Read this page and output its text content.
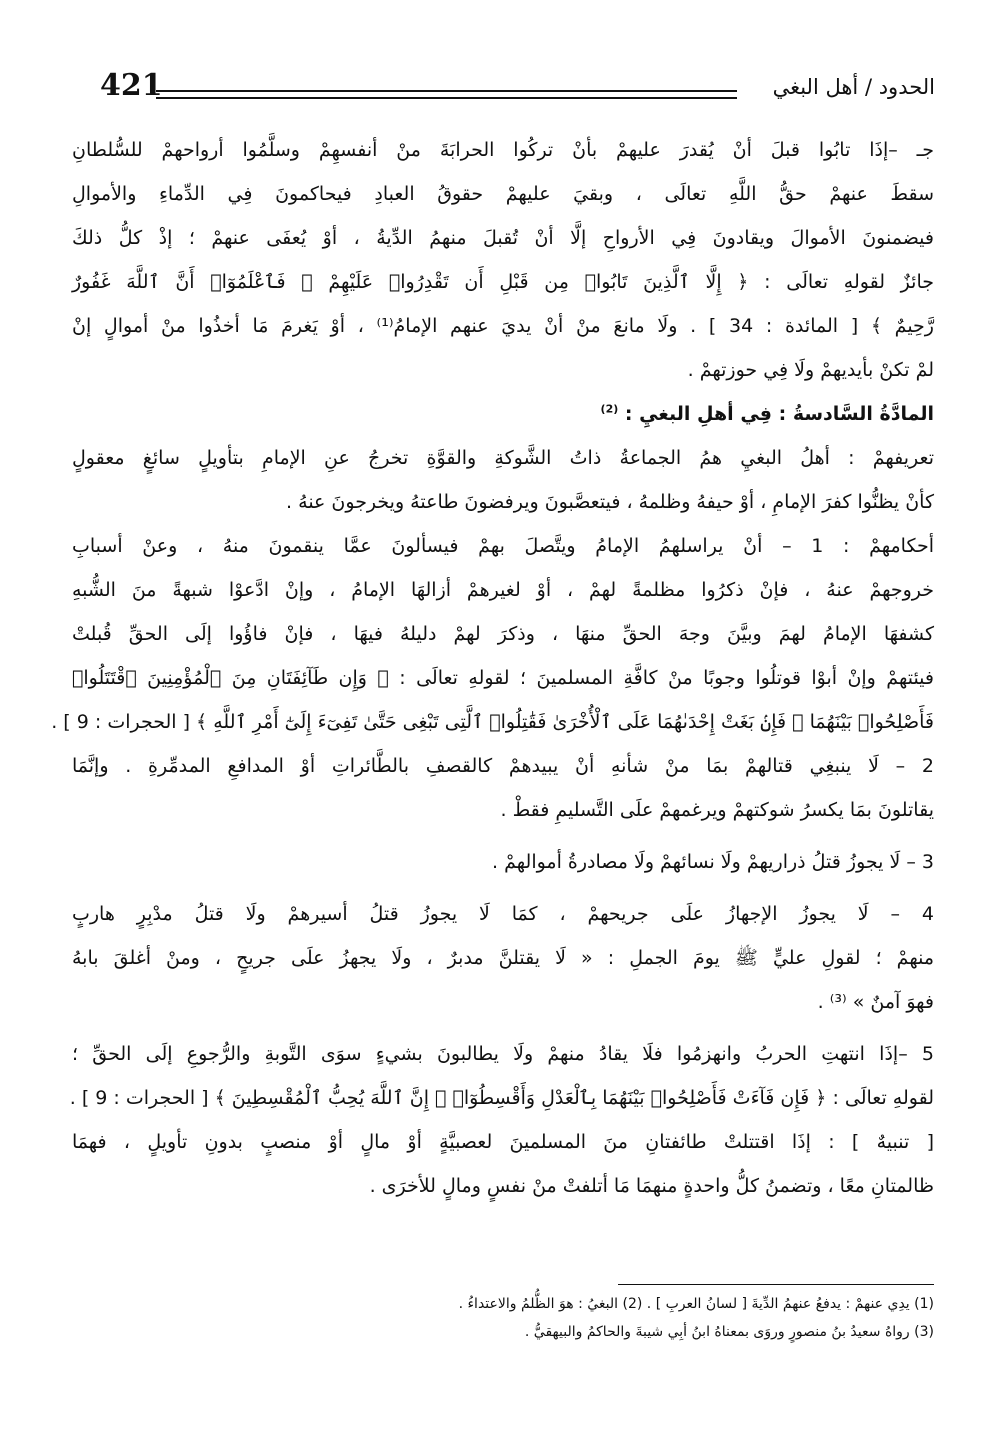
421	الحدود / أهل البغي
جـ –إذَا تابُوا قبلَ أنْ يُقدرَ عليهمْ بأنْ تركُوا الحرابَةَ منْ أنفسهِمْ وسلَّمُوا أرواحهمْ للسُّلطانِ
سقطَ عنهمْ حقُّ اللَّهِ تعالَى ، وبقيَ عليهمْ حقوقُ العبادِ فيحاكمونَ فِي الدِّماءِ والأموالِ
فيضمنونَ الأموالَ ويقادونَ فِي الأرواحِ إلَّا أنْ تُقبلَ منهمُ الدِّيةُ ، أوْ يُعفَى عنهمْ ؛ إذْ كلُّ ذلكَ
جائزٌ لقولهِ تعالَى : ﴿ إِلَّا ٱلَّذِينَ تَابُوا۟ مِن قَبْلِ أَن تَقْدِرُوا۟ عَلَيْهِمْ ۖ فَٱعْلَمُوٓا۟ أَنَّ ٱللَّهَ غَفُورٌ
رَّحِيمٌ ﴾ [ المائدة : 34 ] . ولَا مانعَ منْ أنْ يديَ عنهم الإمامُ⁽¹⁾ ، أوْ يَغرمَ مَا أخذُوا منْ أموالٍ إنْ
لمْ تكنْ بأيديهمْ ولَا فِي حوزتهمْ .
المادَّةُ السَّادسةُ : فِي أهلِ البغيِ : $^{(2)}$
تعريفهمْ : أهلُ البغيِ همُ الجماعةُ ذاتُ الشَّوكةِ والقوَّةِ تخرجُ عنِ الإمامِ بتأويلٍ سائغٍ معقولٍ
كأنْ يظنُّوا كفرَ الإمامِ ، أوْ حيفهُ وظلمهُ ، فيتعصَّبونَ ويرفضونَ طاعتهُ ويخرجونَ عنهُ .
أحكامهمْ : 1 – أنْ يراسلهمُ الإمامُ ويتَّصلَ بهمْ فيسألونَ عمَّا ينقمونَ منهُ ، وعنْ أسبابِ
خروجهمْ عنهُ ، فإنْ ذكرُوا مظلمةً لهمْ ، أوْ لغيرهمْ أزالهَا الإمامُ ، وإنْ ادَّعوْا شبهةً منَ الشُّبهِ
كشفهَا الإمامُ لهمَ وبيَّنَ وجهَ الحقِّ منهَا ، وذكرَ لهمْ دليلهُ فيهَا ، فإنْ فاؤُوا إلَى الحقِّ قُبلتْ
فيئتهمْ وإنْ أبوْا قوتلُوا وجوبًا منْ كافَّةِ المسلمينَ ؛ لقولهِ تعالَى : ﴿ وَإِن طَآئِفَتَانِ مِنَ ٱلْمُؤْمِنِينَ ٱقْتَتَلُوا۟
فَأَصْلِحُوا۟ بَيْنَهُمَا ۖ فَإِنۢ بَغَتْ إِحْدَىٰهُمَا عَلَى ٱلْأُخْرَىٰ فَقَٰتِلُوا۟ ٱلَّتِى تَبْغِى حَتَّىٰ تَفِىٓءَ إِلَىٰٓ أَمْرِ ٱللَّهِ ﴾ [ الحجرات : 9 ] .
2 – لَا ينبغِي قتالهمْ بمَا منْ شأنهِ أنْ يبيدهمْ كالقصفِ بالطَّائراتِ أوْ المدافعِ المدمِّرةِ . وإنَّمَا
يقاتلونَ بمَا يكسرُ شوكتهمْ ويرغمهمْ علَى التَّسليمِ فقطْ .
3 – لَا يجوزُ قتلُ ذراريهمْ ولَا نسائهمْ ولَا مصادرةُ أموالهمْ .
4 – لَا يجوزُ الإجهازُ علَى جريحهمْ ، كمَا لَا يجوزُ قتلُ أسيرهمْ ولَا قتلُ مدْبِرٍ هاربٍ
منهمْ ؛ لقولِ عليٍّ ﷺ يومَ الجملِ : « لَا يقتلنَّ مدبرٌ ، ولَا يجهزُ علَى جريحٍ ، ومنْ أغلقَ بابهُ
فهوَ آمنٌ » ⁽³⁾ .
5 –إذَا انتهتِ الحربُ وانهزمُوا فلَا يقادُ منهمْ ولَا يطالبونَ بشيءٍ سوَى التَّوبةِ والرُّجوعِ إلَى الحقِّ ؛
لقولهِ تعالَى : ﴿ فَإِن فَآءَتْ فَأَصْلِحُوا۟ بَيْنَهُمَا بِٱلْعَدْلِ وَأَقْسِطُوٓا۟ ۖ إِنَّ ٱللَّهَ يُحِبُّ ٱلْمُقْسِطِينَ ﴾ [ الحجرات : 9 ] .
[ تنبيهٌ ] : إذَا اقتتلتْ طائفتانِ منَ المسلمينَ لعصبيَّةٍ أوْ مالٍ أوْ منصبٍ بدونِ تأويلٍ ، فهمَا
ظالمتانِ معًا ، وتضمنُ كلُّ واحدةٍ منهمَا مَا أتلفتْ منْ نفسٍ ومالٍ للأخرَى .
(1) يدِي عنهمْ : يدفعُ عنهمُ الدِّيةَ [ لسانُ العربِ ] . (2) البغيُ : هوَ الظُّلمُ والاعتداءُ .
(3) رواهُ سعيدُ بنُ منصورٍ وروَى بمعناهُ ابنُ أبِي شيبةَ والحاكمُ والبيهقيُّ .
